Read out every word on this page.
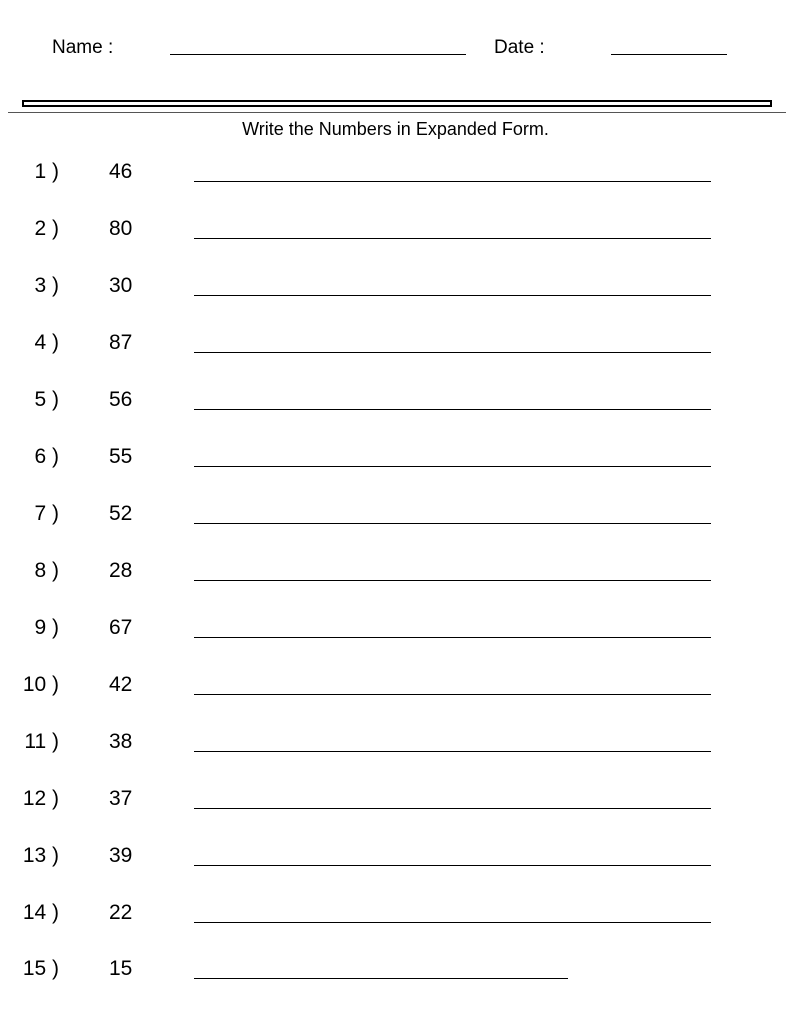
Name :	Date :
Write the Numbers in Expanded Form.
1 ) 46
2 ) 80
3 ) 30
4 ) 87
5 ) 56
6 ) 55
7 ) 52
8 ) 28
9 ) 67
10 ) 42
11 ) 38
12 ) 37
13 ) 39
14 ) 22
15 ) 15
